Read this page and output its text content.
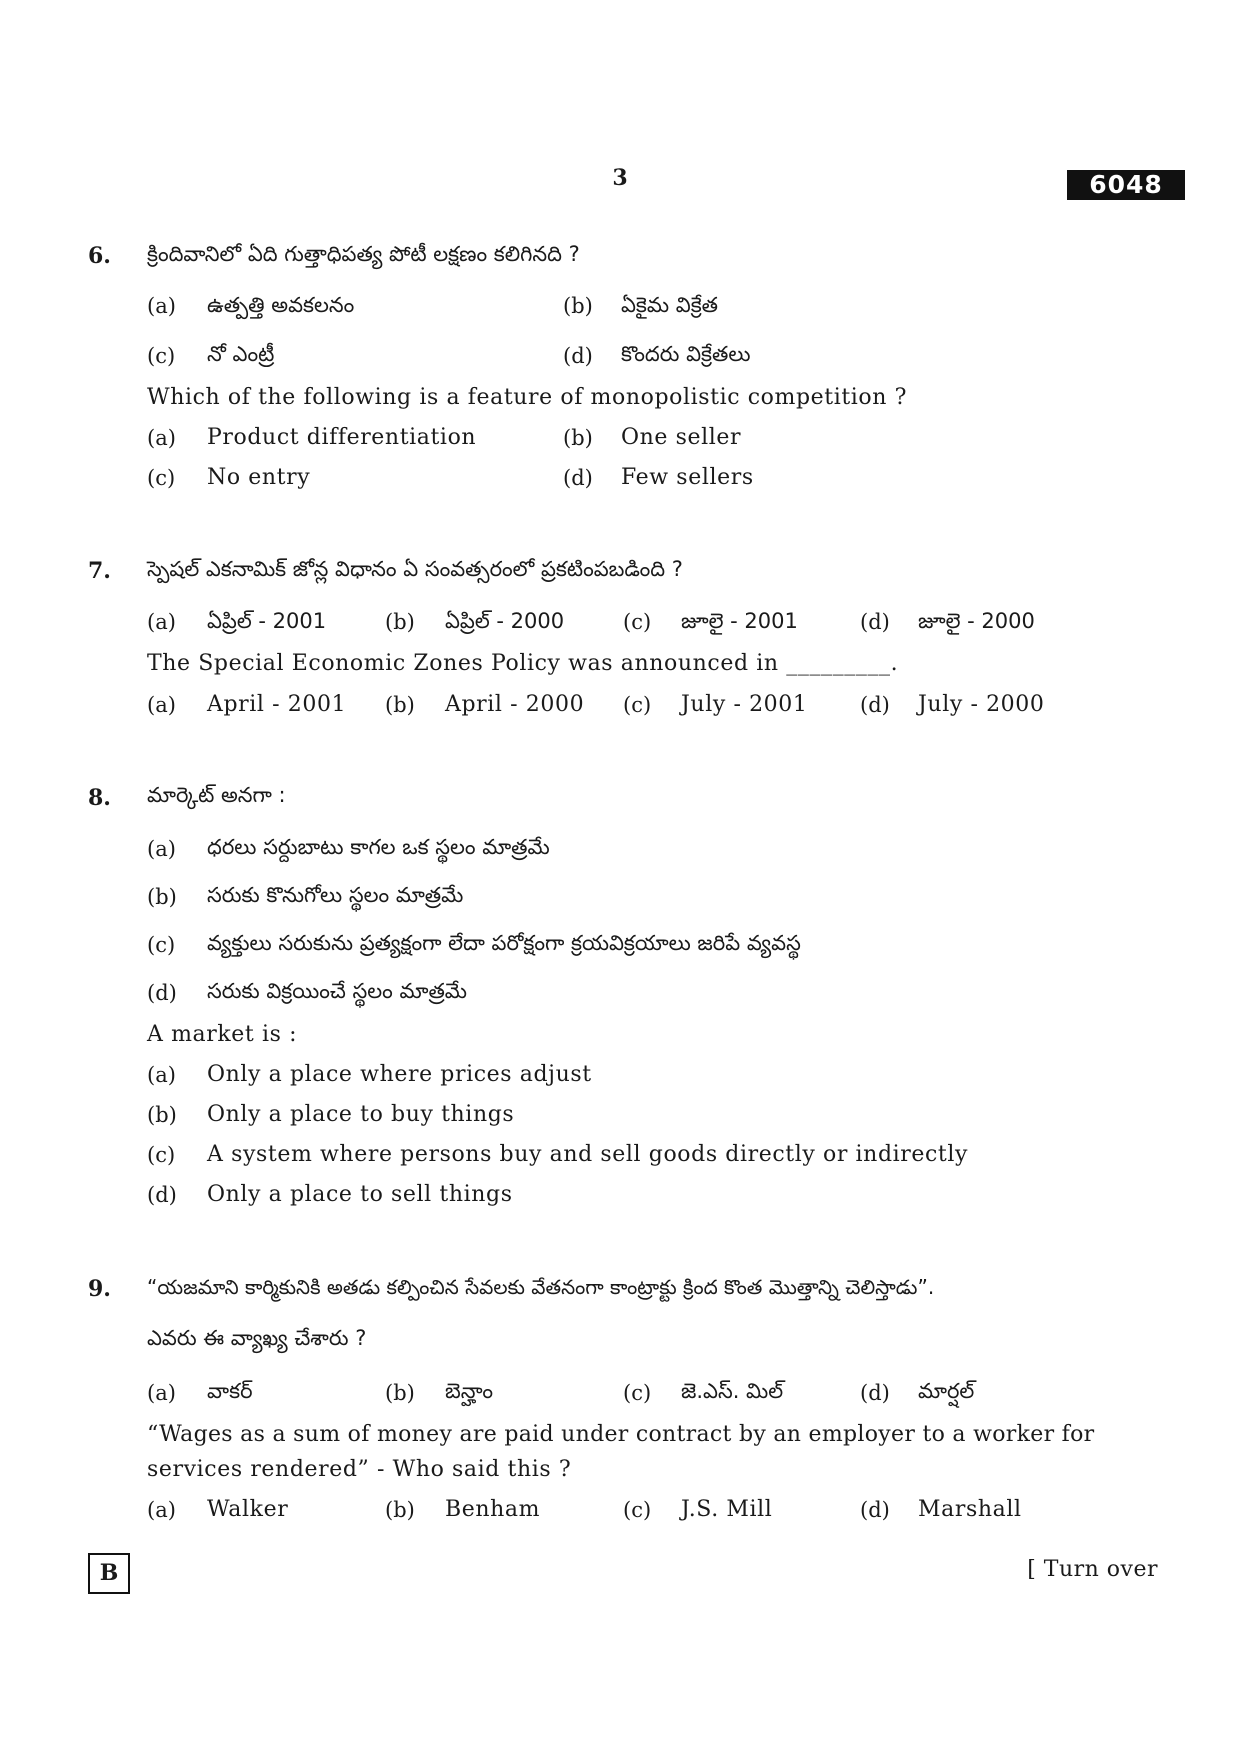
3	6048
6. క్రిందివానిలో ఏది గుత్తాధిపత్య పోటీ లక్షణం కలిగినది ?
(a) ఉత్పత్తి అవకలనం	(b) ఏకైమ విక్రేత
(c) నో ఎంట్రీ	(d) కొందరు విక్రేతలు
Which of the following is a feature of monopolistic competition ?
(a) Product differentiation	(b) One seller
(c) No entry	(d) Few sellers
7. స్పెషల్ ఎకనామిక్ జోన్ల విధానం ఏ సంవత్సరంలో ప్రకటింపబడింది ?
(a) ఏప్రిల్ - 2001	(b) ఏప్రిల్ - 2000	(c) జూలై - 2001	(d) జూలై - 2000
The Special Economic Zones Policy was announced in _________.
(a) April - 2001 (b) April - 2000 (c) July - 2001	(d) July - 2000
8. మార్కెట్ అనగా :
(a) ధరలు సర్దుబాటు కాగల ఒక స్థలం మాత్రమే
(b) సరుకు కొనుగోలు స్థలం మాత్రమే
(c) వ్యక్తులు సరుకును ప్రత్యక్షంగా లేదా పరోక్షంగా క్రయవిక్రయాలు జరిపే వ్యవస్థ
(d) సరుకు విక్రయించే స్థలం మాత్రమే
A market is :
(a) Only a place where prices adjust
(b) Only a place to buy things
(c) A system where persons buy and sell goods directly or indirectly
(d) Only a place to sell things
9. “యజమాని కార్మికునికి అతడు కల్పించిన సేవలకు వేతనంగా కాంట్రాక్టు క్రింద కొంత మొత్తాన్ని చెలిస్తాడు”.
ఎవరు ఈ వ్యాఖ్య చేశారు ?
(a) వాకర్	(b) బెన్హాం	(c) జె.ఎస్. మిల్	(d) మార్షల్
“Wages as a sum of money are paid under contract by an employer to a worker for
services rendered” - Who said this ?
(a) Walker	(b) Benham	(c) J.S. Mill	(d) Marshall
B	[ Turn over
